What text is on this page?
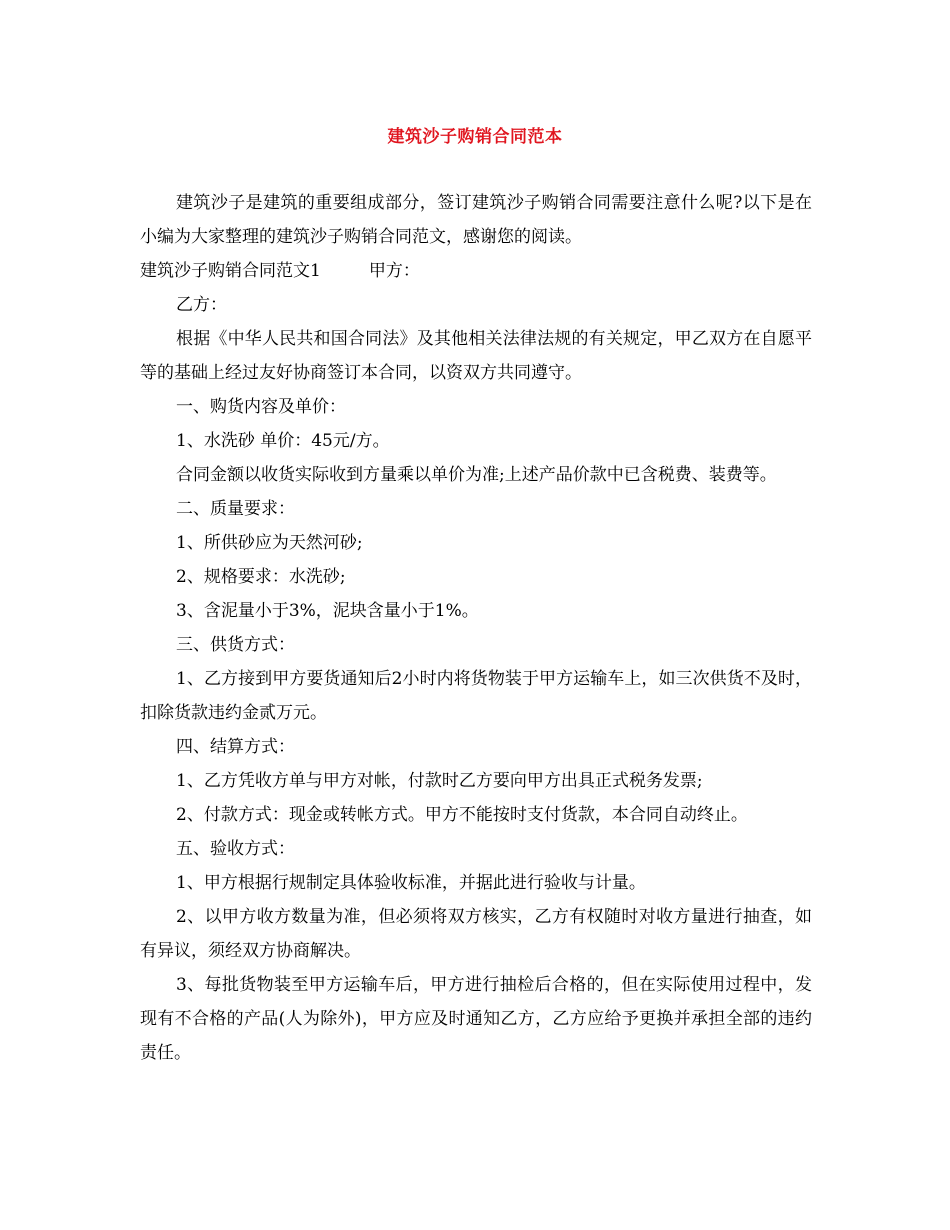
建筑沙子购销合同范本

建筑沙子是建筑的重要组成部分，签订建筑沙子购销合同需要注意什么呢?以下是在小编为大家整理的建筑沙子购销合同范文，感谢您的阅读。

建筑沙子购销合同范文1	甲方：

乙方：

根据《中华人民共和国合同法》及其他相关法律法规的有关规定，甲乙双方在自愿平等的基础上经过友好协商签订本合同，以资双方共同遵守。

一、购货内容及单价：

1、水洗砂 单价：45元/方。

合同金额以收货实际收到方量乘以单价为准;上述产品价款中已含税费、装费等。

二、质量要求：

1、所供砂应为天然河砂;

2、规格要求：水洗砂;

3、含泥量小于3%，泥块含量小于1%。

三、供货方式：

1、乙方接到甲方要货通知后2小时内将货物装于甲方运输车上，如三次供货不及时，扣除货款违约金贰万元。

四、结算方式：

1、乙方凭收方单与甲方对帐，付款时乙方要向甲方出具正式税务发票;

2、付款方式：现金或转帐方式。甲方不能按时支付货款，本合同自动终止。

五、验收方式：

1、甲方根据行规制定具体验收标准，并据此进行验收与计量。

2、以甲方收方数量为准，但必须将双方核实，乙方有权随时对收方量进行抽查，如有异议，须经双方协商解决。

3、每批货物装至甲方运输车后，甲方进行抽检后合格的，但在实际使用过程中，发现有不合格的产品(人为除外)，甲方应及时通知乙方，乙方应给予更换并承担全部的违约责任。
